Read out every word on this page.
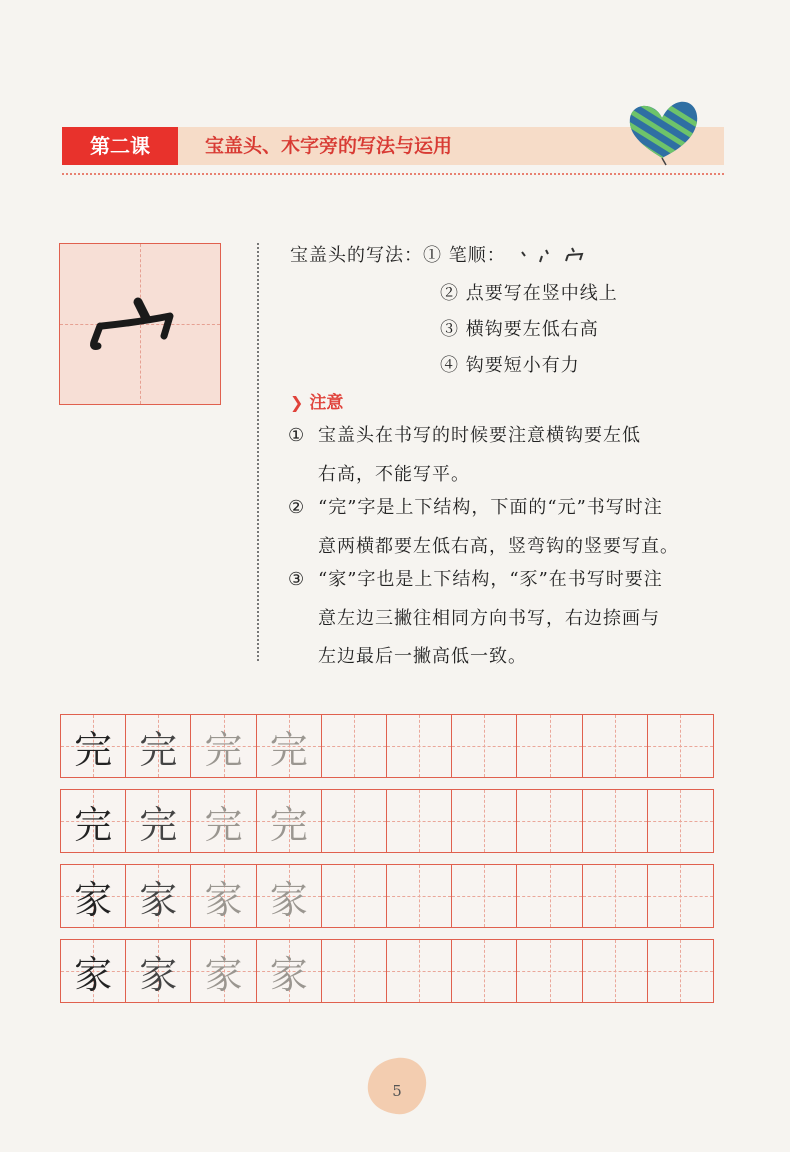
第二课	宝盖头、木字旁的写法与运用
宝盖头的写法：① 笔顺：
② 点要写在竖中线上
③ 横钩要左低右高
④ 钩要短小有力
❯ 注意
① 宝盖头在书写的时候要注意横钩要左低
右高，不能写平。
② “完”字是上下结构，下面的“元”书写时注
意两横都要左低右高，竖弯钩的竖要写直。
③ “家”字也是上下结构，“豕”在书写时要注
意左边三撇往相同方向书写，右边捺画与
左边最后一撇高低一致。
完 完 完 完
完 完 完 完
家 家 家 家
家 家 家 家
5
